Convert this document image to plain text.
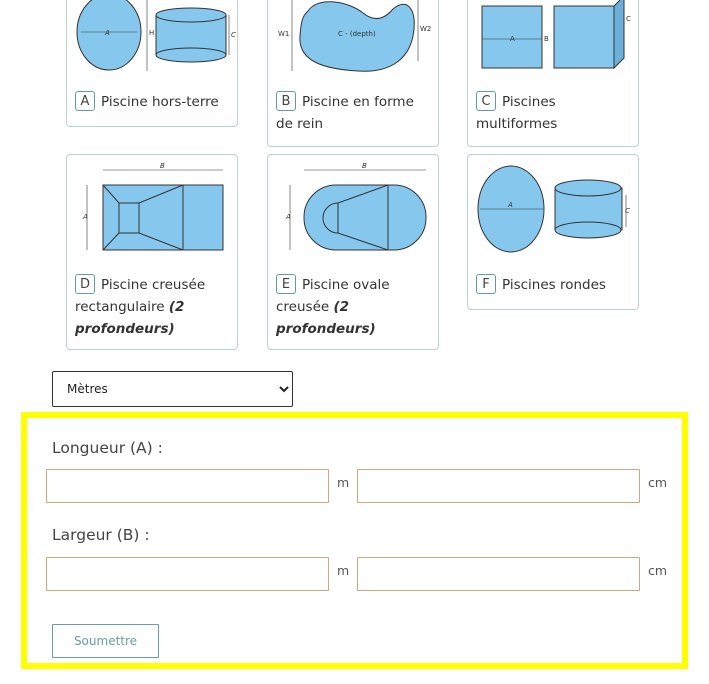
A	H	C
A Piscine hors-terre
W1	C - (depth)
W2
B Piscine en forme de rein
A	B
C
C Piscines multiformes
B
A
D Piscine creusée rectangulaire (2 profondeurs)
B
A
E Piscine ovale creusée (2 profondeurs)
A
C
F Piscines rondes
Mètres
Longueur (A) :
m	cm
Largeur (B) :
m	cm
Soumettre
